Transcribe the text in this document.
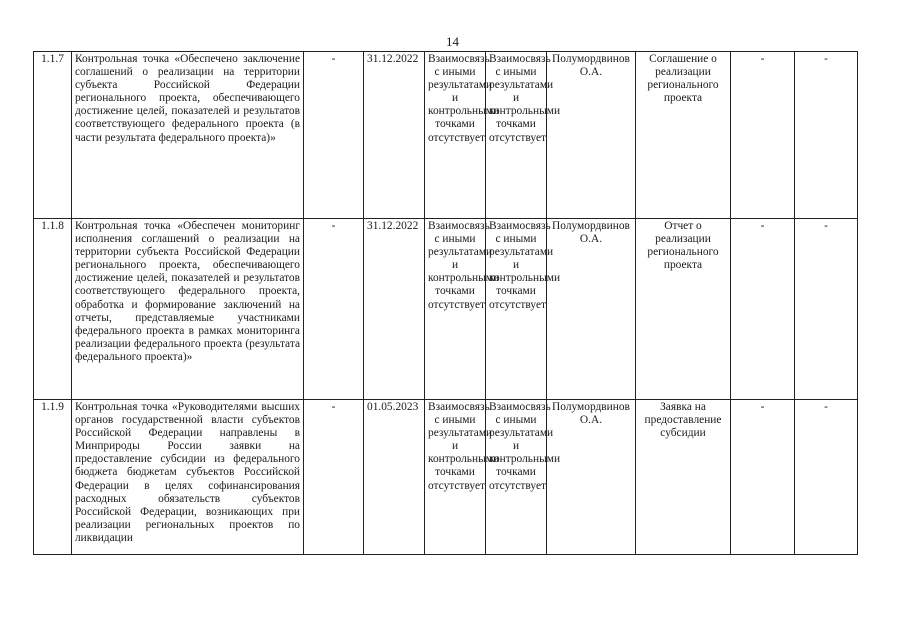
14
1.1.7	Контрольная точка «Обеспечено заключение соглашений о реализации на территории субъекта Российской Федерации регионального проекта, обеспечивающего достижение целей, показателей и результатов соответствующего федерального проекта (в части результата федерального проекта)»	-	31.12.2022	Взаимосвязь с иными результатами и контрольными точками отсутствует	Взаимосвязь с иными результатами и контрольными точками отсутствует	Полумордвинов О.А.	Соглашение о реализации регионального проекта	-	-
1.1.8	Контрольная точка «Обеспечен мониторинг исполнения соглашений о реализации на территории субъекта Российской Федерации регионального проекта, обеспечивающего достижение целей, показателей и результатов соответствующего федерального проекта, обработка и формирование заключений на отчеты, представляемые участниками федерального проекта в рамках мониторинга реализации федерального проекта (результата федерального проекта)»	-	31.12.2022	Взаимосвязь с иными результатами и контрольными точками отсутствует	Взаимосвязь с иными результатами и контрольными точками отсутствует	Полумордвинов О.А.	Отчет о реализации регионального проекта	-	-
1.1.9	Контрольная точка «Руководителями высших органов государственной власти субъектов Российской Федерации направлены в Минприроды России заявки на предоставление субсидии из федерального бюджета бюджетам субъектов Российской Федерации в целях софинансирования расходных обязательств субъектов Российской Федерации, возникающих при реализации региональных проектов по ликвидации	-	01.05.2023	Взаимосвязь с иными результатами и контрольными точками отсутствует	Взаимосвязь с иными результатами и контрольными точками отсутствует	Полумордвинов О.А.	Заявка на предоставление субсидии	-	-
